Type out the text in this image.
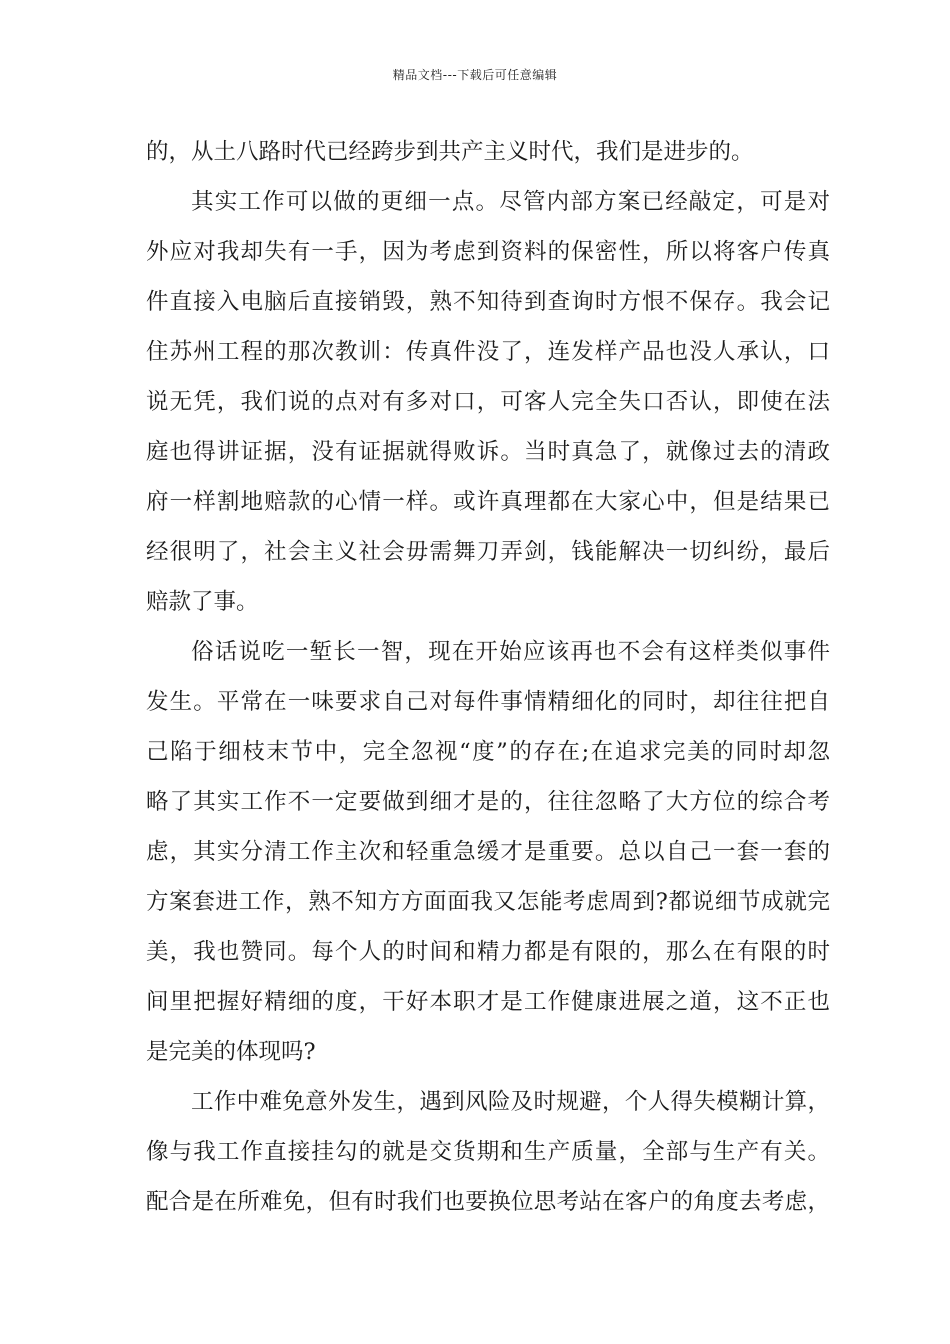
精品文档---下载后可任意编辑
的，从土八路时代已经跨步到共产主义时代，我们是进步的。
其实工作可以做的更细一点。尽管内部方案已经敲定，可是对
外应对我却失有一手，因为考虑到资料的保密性，所以将客户传真
件直接入电脑后直接销毁，熟不知待到查询时方恨不保存。我会记
住苏州工程的那次教训：传真件没了，连发样产品也没人承认，口
说无凭，我们说的点对有多对口，可客人完全失口否认，即使在法
庭也得讲证据，没有证据就得败诉。当时真急了，就像过去的清政
府一样割地赔款的心情一样。或许真理都在大家心中，但是结果已
经很明了，社会主义社会毋需舞刀弄剑，钱能解决一切纠纷，最后
赔款了事。
俗话说吃一堑长一智，现在开始应该再也不会有这样类似事件
发生。平常在一味要求自己对每件事情精细化的同时，却往往把自
己陷于细枝末节中，完全忽视“度”的存在;在追求完美的同时却忽
略了其实工作不一定要做到细才是的，往往忽略了大方位的综合考
虑，其实分清工作主次和轻重急缓才是重要。总以自己一套一套的
方案套进工作，熟不知方方面面我又怎能考虑周到?都说细节成就完
美，我也赞同。每个人的时间和精力都是有限的，那么在有限的时
间里把握好精细的度，干好本职才是工作健康进展之道，这不正也
是完美的体现吗?
工作中难免意外发生，遇到风险及时规避，个人得失模糊计算，
像与我工作直接挂勾的就是交货期和生产质量，全部与生产有关。
配合是在所难免，但有时我们也要换位思考站在客户的角度去考虑，
